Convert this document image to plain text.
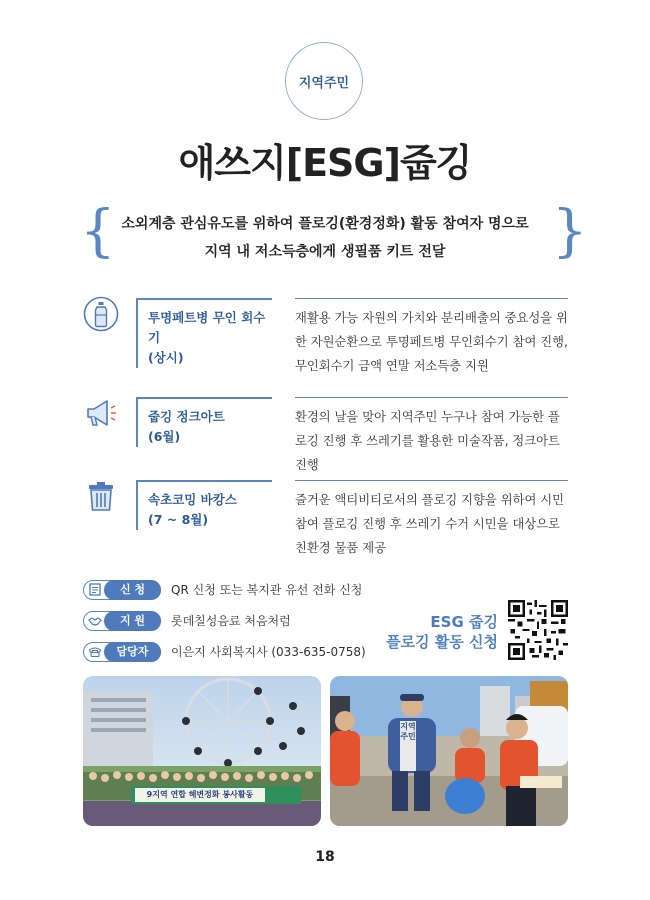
지역주민
애쓰지[ESG]줍깅
{	}
소외계층 관심유도를 위하여 플로깅(환경정화) 활동 참여자 명으로
지역 내 저소득층에게 생필품 키트 전달
투명페트병 무인 회수기
(상시)
재활용 가능 자원의 가치와 분리배출의 중요성을 위한 자원순환으로 투명페트병 무인회수기 참여 진행, 무인회수기 금액 연말 저소득층 지원
줍깅 정크아트
(6월)
환경의 날을 맞아 지역주민 누구나 참여 가능한 플로깅 진행 후 쓰레기를 활용한 미술작품, 정크아트 진행
속초코밍 바캉스
(7 ~ 8월)
즐거운 액티비티로서의 플로깅 지향을 위하여 시민 참여 플로깅 진행 후 쓰레기 수거 시민을 대상으로 친환경 물품 제공
신 청	QR 신청 또는 복지관 유선 전화 신청
지 원	롯데칠성음료 처음처럼
담당자	이은지 사회복지사 (033-635-0758)
ESG 줍깅
플로깅 활동 신청
9지역 연합 해변정화 봉사활동
지역주민
18
